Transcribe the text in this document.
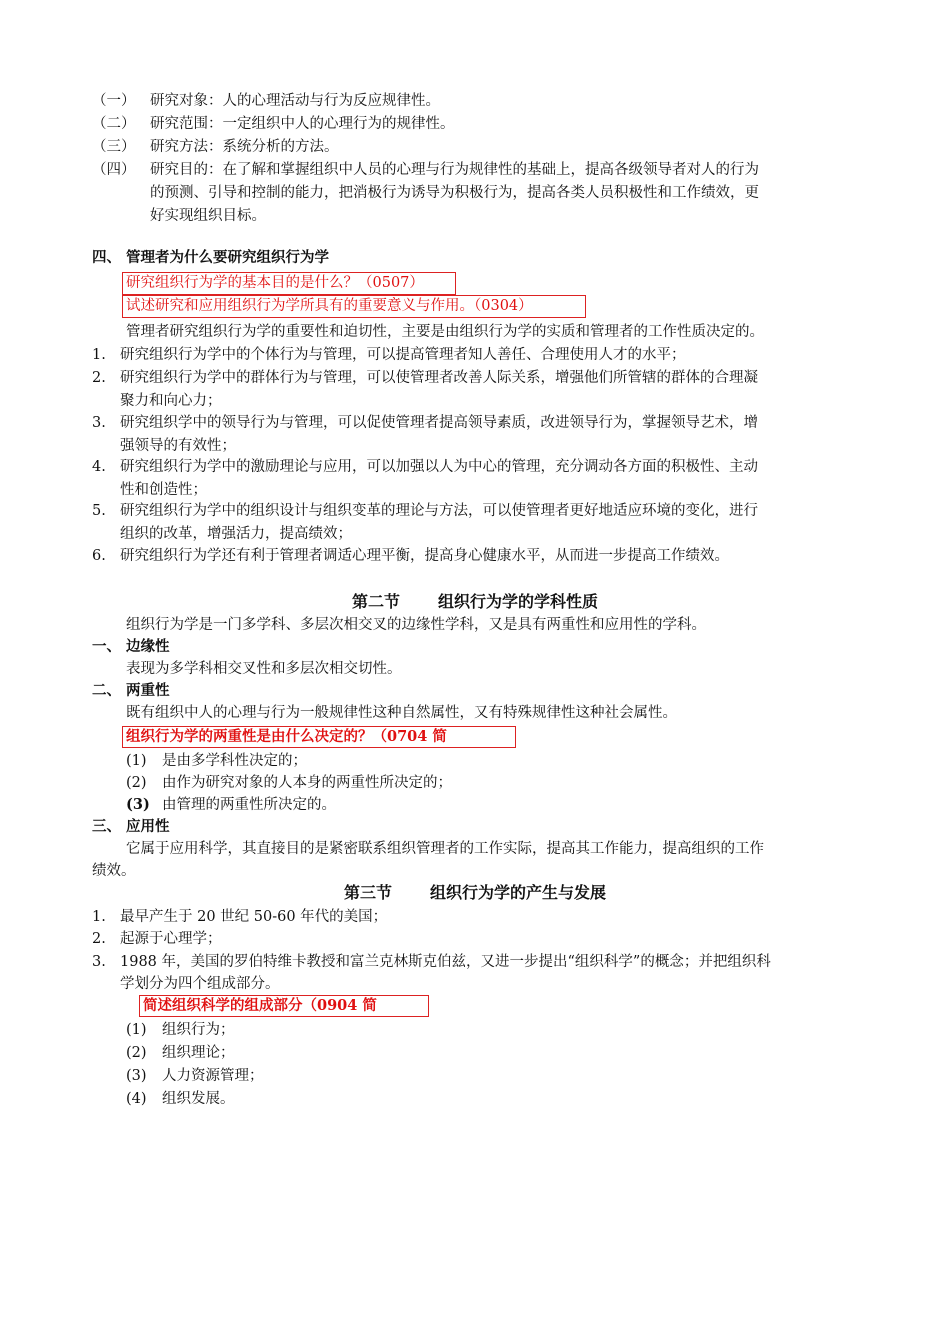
（一） 研究对象：人的心理活动与行为反应规律性。
（二） 研究范围：一定组织中人的心理行为的规律性。
（三） 研究方法：系统分析的方法。
（四） 研究目的：在了解和掌握组织中人员的心理与行为规律性的基础上，提高各级领导者对人的行为
的预测、引导和控制的能力，把消极行为诱导为积极行为，提高各类人员积极性和工作绩效，更
好实现组织目标。
四、 管理者为什么要研究组织行为学
研究组织行为学的基本目的是什么？（0507）
试述研究和应用组织行为学所具有的重要意义与作用。（0304）
管理者研究组织行为学的重要性和迫切性，主要是由组织行为学的实质和管理者的工作性质决定的。
1. 研究组织行为学中的个体行为与管理，可以提高管理者知人善任、合理使用人才的水平；
2. 研究组织行为学中的群体行为与管理，可以使管理者改善人际关系，增强他们所管辖的群体的合理凝
聚力和向心力；
3. 研究组织学中的领导行为与管理，可以促使管理者提高领导素质，改进领导行为，掌握领导艺术，增
强领导的有效性；
4. 研究组织行为学中的激励理论与应用，可以加强以人为中心的管理，充分调动各方面的积极性、主动
性和创造性；
5. 研究组织行为学中的组织设计与组织变革的理论与方法，可以使管理者更好地适应环境的变化，进行
组织的改革，增强活力，提高绩效；
6. 研究组织行为学还有利于管理者调适心理平衡，提高身心健康水平，从而进一步提高工作绩效。
第二节 组织行为学的学科性质
组织行为学是一门多学科、多层次相交叉的边缘性学科，又是具有两重性和应用性的学科。
一、 边缘性
表现为多学科相交叉性和多层次相交切性。
二、 两重性
既有组织中人的心理与行为一般规律性这种自然属性，又有特殊规律性这种社会属性。
组织行为学的两重性是由什么决定的？（0704 简
(1) 是由多学科性决定的；
(2) 由作为研究对象的人本身的两重性所决定的；
(3) 由管理的两重性所决定的。
三、 应用性
它属于应用科学，其直接目的是紧密联系组织管理者的工作实际，提高其工作能力，提高组织的工作
绩效。
第三节 组织行为学的产生与发展
1. 最早产生于 20 世纪 50-60 年代的美国；
2. 起源于心理学；
3. 1988 年，美国的罗伯特维卡教授和富兰克林斯克伯兹，又进一步提出“组织科学”的概念；并把组织科
学划分为四个组成部分。
简述组织科学的组成部分（0904 简
(1) 组织行为；
(2) 组织理论；
(3) 人力资源管理；
(4) 组织发展。
